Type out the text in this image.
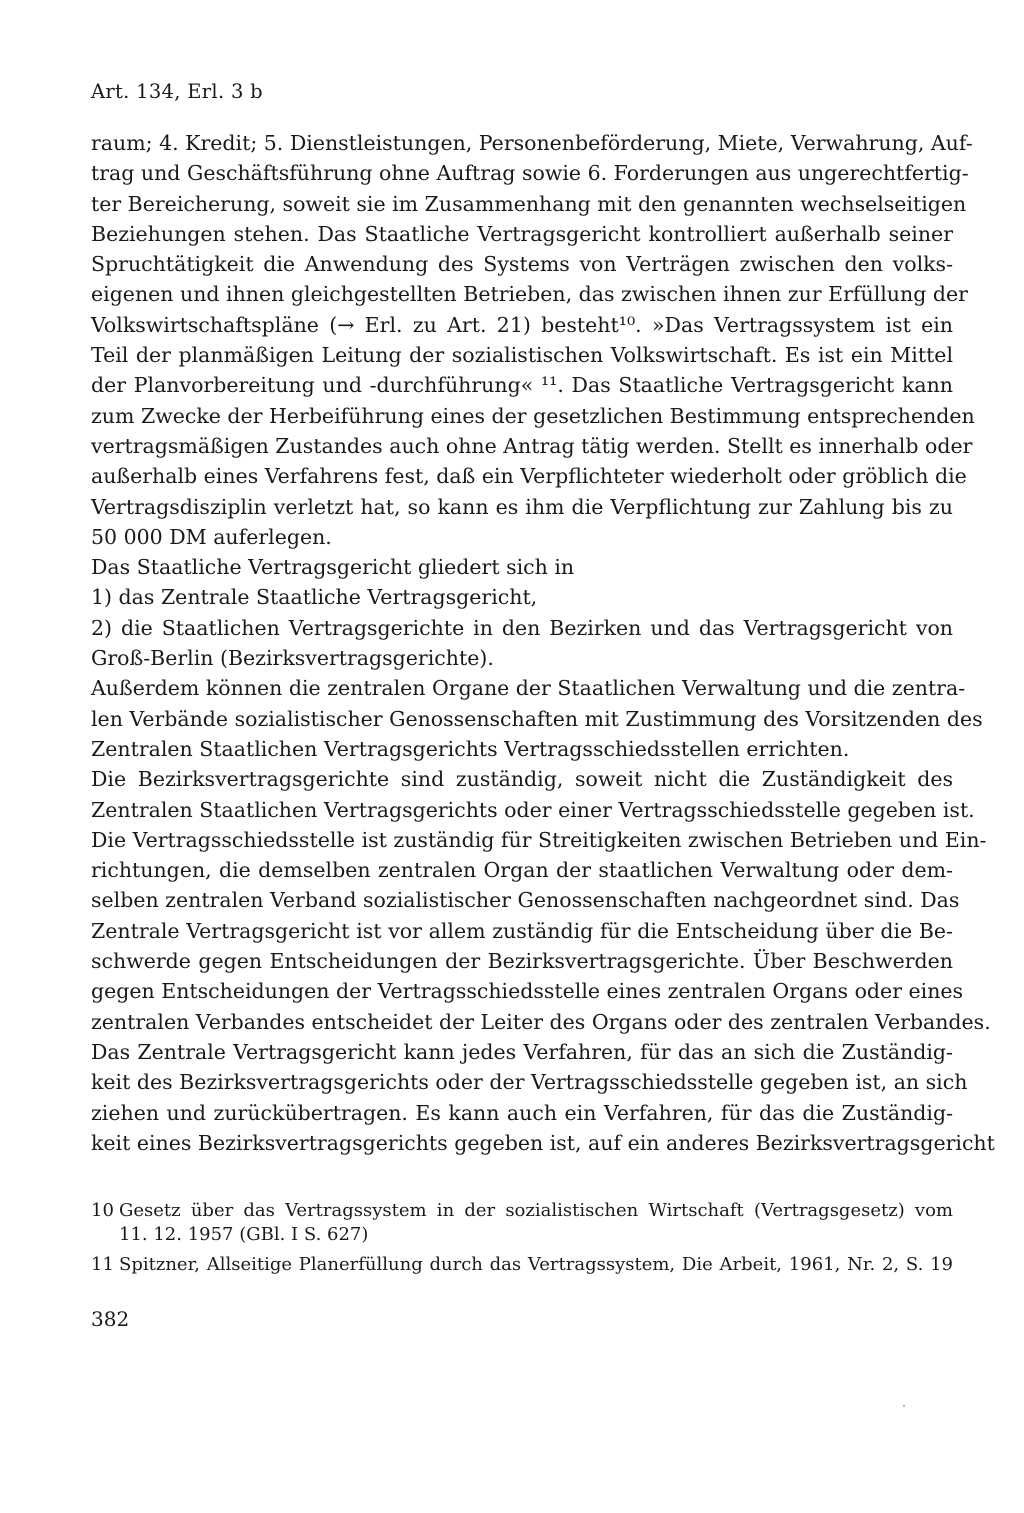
Art. 134, Erl. 3 b
raum; 4. Kredit; 5. Dienstleistungen, Personenbeförderung, Miete, Verwahrung, Auf-
trag und Geschäftsführung ohne Auftrag sowie 6. Forderungen aus ungerechtfertig-
ter Bereicherung, soweit sie im Zusammenhang mit den genannten wechselseitigen
Beziehungen stehen. Das Staatliche Vertragsgericht kontrolliert außerhalb seiner
Spruchtätigkeit die Anwendung des Systems von Verträgen zwischen den volks-
eigenen und ihnen gleichgestellten Betrieben, das zwischen ihnen zur Erfüllung der
Volkswirtschaftspläne (→ Erl. zu Art. 21) besteht¹⁰. »Das Vertragssystem ist ein
Teil der planmäßigen Leitung der sozialistischen Volkswirtschaft. Es ist ein Mittel
der Planvorbereitung und -durchführung« ¹¹. Das Staatliche Vertragsgericht kann
zum Zwecke der Herbeiführung eines der gesetzlichen Bestimmung entsprechenden
vertragsmäßigen Zustandes auch ohne Antrag tätig werden. Stellt es innerhalb oder
außerhalb eines Verfahrens fest, daß ein Verpflichteter wiederholt oder gröblich die
Vertragsdisziplin verletzt hat, so kann es ihm die Verpflichtung zur Zahlung bis zu
50 000 DM auferlegen.
Das Staatliche Vertragsgericht gliedert sich in
1) das Zentrale Staatliche Vertragsgericht,
2) die Staatlichen Vertragsgerichte in den Bezirken und das Vertragsgericht von
Groß-Berlin (Bezirksvertragsgerichte).
Außerdem können die zentralen Organe der Staatlichen Verwaltung und die zentra-
len Verbände sozialistischer Genossenschaften mit Zustimmung des Vorsitzenden des
Zentralen Staatlichen Vertragsgerichts Vertragsschiedsstellen errichten.
Die Bezirksvertragsgerichte sind zuständig, soweit nicht die Zuständigkeit des
Zentralen Staatlichen Vertragsgerichts oder einer Vertragsschiedsstelle gegeben ist.
Die Vertragsschiedsstelle ist zuständig für Streitigkeiten zwischen Betrieben und Ein-
richtungen, die demselben zentralen Organ der staatlichen Verwaltung oder dem-
selben zentralen Verband sozialistischer Genossenschaften nachgeordnet sind. Das
Zentrale Vertragsgericht ist vor allem zuständig für die Entscheidung über die Be-
schwerde gegen Entscheidungen der Bezirksvertragsgerichte. Über Beschwerden
gegen Entscheidungen der Vertragsschiedsstelle eines zentralen Organs oder eines
zentralen Verbandes entscheidet der Leiter des Organs oder des zentralen Verbandes.
Das Zentrale Vertragsgericht kann jedes Verfahren, für das an sich die Zuständig-
keit des Bezirksvertragsgerichts oder der Vertragsschiedsstelle gegeben ist, an sich
ziehen und zurückübertragen. Es kann auch ein Verfahren, für das die Zuständig-
keit eines Bezirksvertragsgerichts gegeben ist, auf ein anderes Bezirksvertragsgericht
10 Gesetz über das Vertragssystem in der sozialistischen Wirtschaft (Vertragsgesetz) vom
11. 12. 1957 (GBl. I S. 627)
11 Spitzner, Allseitige Planerfüllung durch das Vertragssystem, Die Arbeit, 1961, Nr. 2, S. 19
382
